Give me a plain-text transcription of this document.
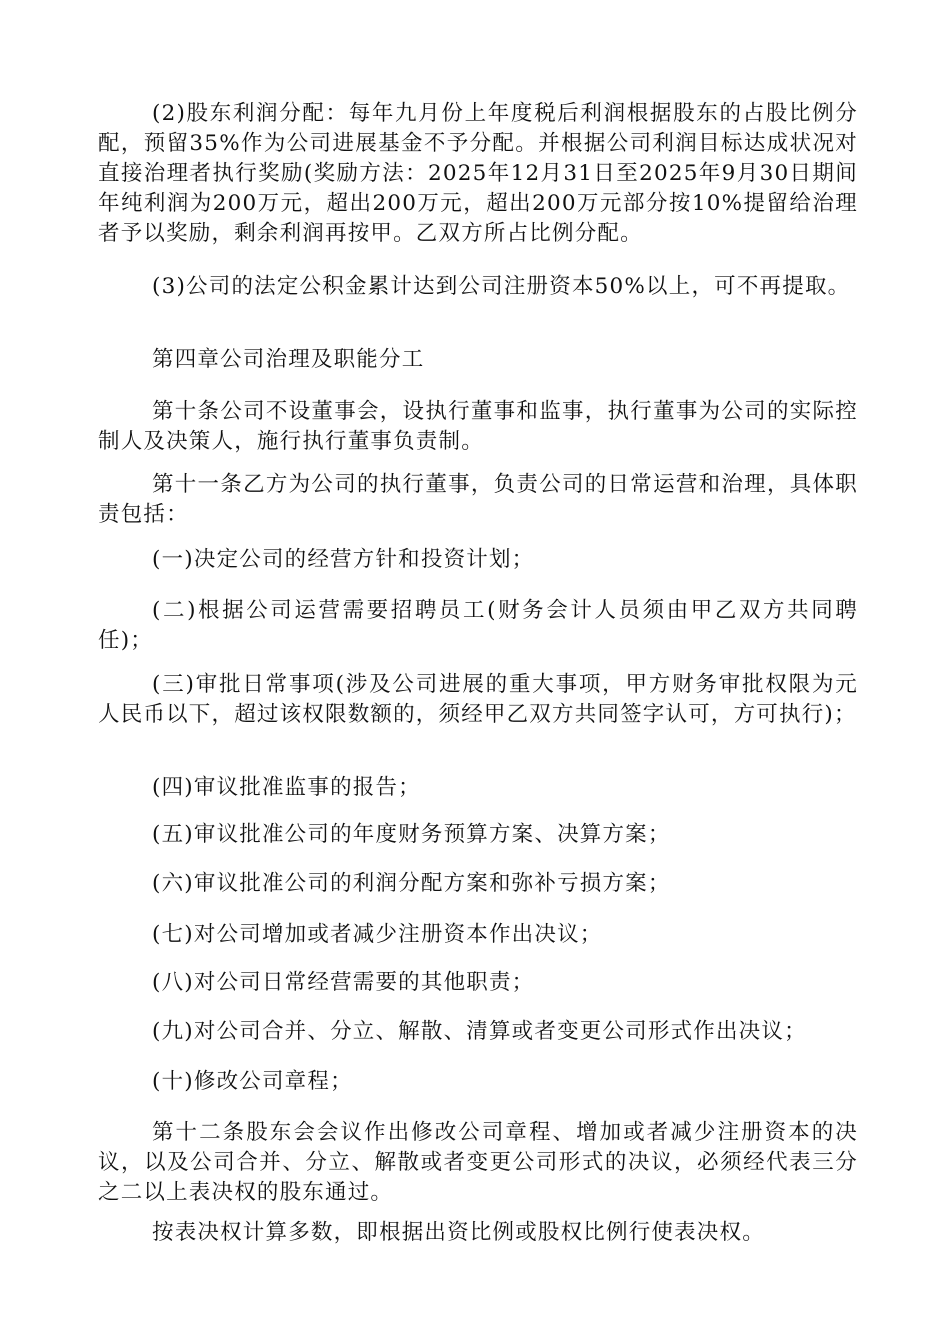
(2)股东利润分配：每年九月份上年度税后利润根据股东的占股比例分配，预留35%作为公司进展基金不予分配。并根据公司利润目标达成状况对直接治理者执行奖励(奖励方法：2025年12月31日至2025年9月30日期间年纯利润为200万元，超出200万元，超出200万元部分按10%提留给治理者予以奖励，剩余利润再按甲。乙双方所占比例分配。

(3)公司的法定公积金累计达到公司注册资本50%以上，可不再提取。

第四章公司治理及职能分工

第十条公司不设董事会，设执行董事和监事，执行董事为公司的实际控制人及决策人，施行执行董事负责制。

第十一条乙方为公司的执行董事，负责公司的日常运营和治理，具体职责包括：

(一)决定公司的经营方针和投资计划；

(二)根据公司运营需要招聘员工(财务会计人员须由甲乙双方共同聘任)；

(三)审批日常事项(涉及公司进展的重大事项，甲方财务审批权限为元人民币以下，超过该权限数额的，须经甲乙双方共同签字认可，方可执行)；

(四)审议批准监事的报告；

(五)审议批准公司的年度财务预算方案、决算方案；

(六)审议批准公司的利润分配方案和弥补亏损方案；

(七)对公司增加或者减少注册资本作出决议；

(八)对公司日常经营需要的其他职责；

(九)对公司合并、分立、解散、清算或者变更公司形式作出决议；

(十)修改公司章程；

第十二条股东会会议作出修改公司章程、增加或者减少注册资本的决议，以及公司合并、分立、解散或者变更公司形式的决议，必须经代表三分之二以上表决权的股东通过。

按表决权计算多数，即根据出资比例或股权比例行使表决权。
